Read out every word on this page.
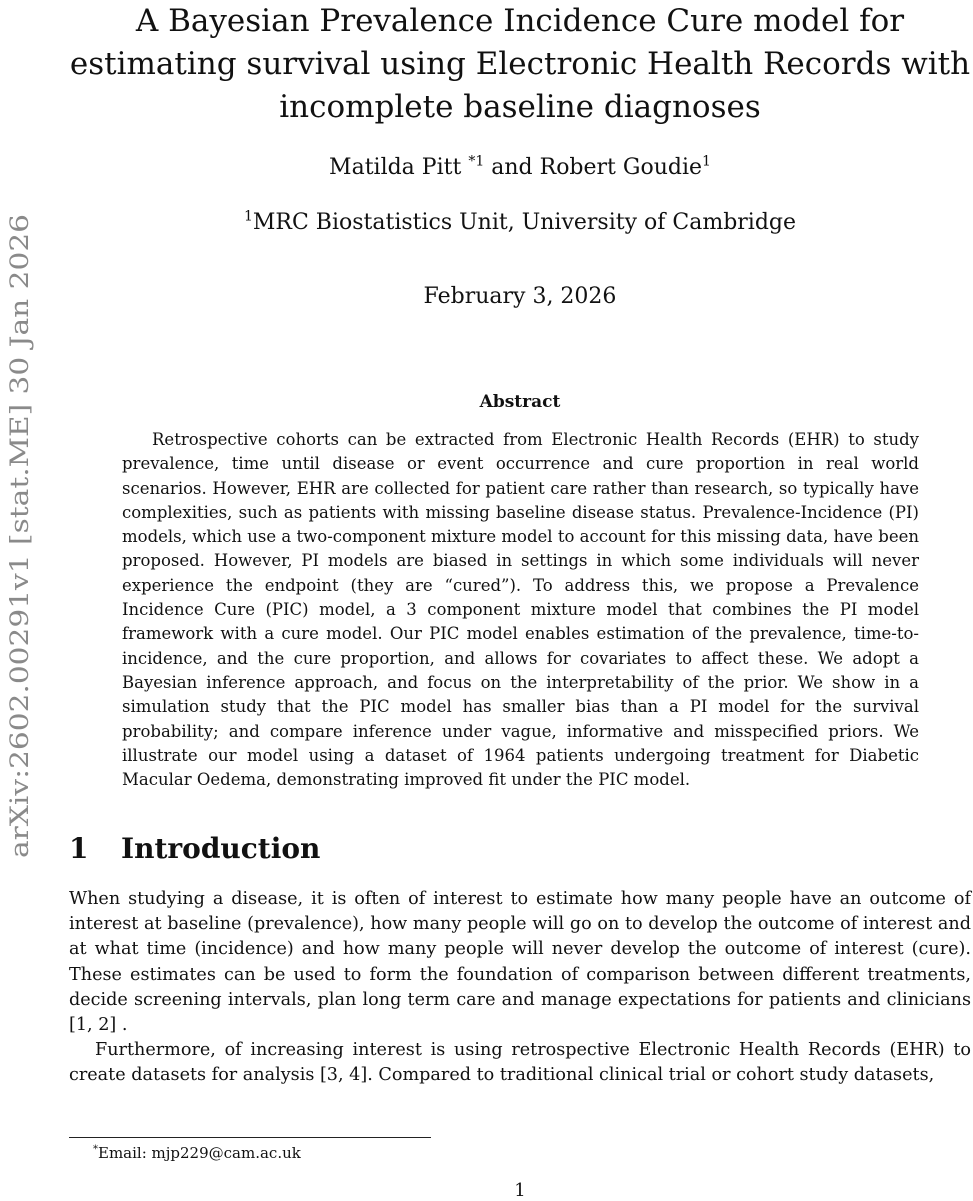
arXiv:2602.00291v1 [stat.ME] 30 Jan 2026
A Bayesian Prevalence Incidence Cure model for estimating survival using Electronic Health Records with incomplete baseline diagnoses
Matilda Pitt $^{*1}$ and Robert Goudie$^1$
$^1$MRC Biostatistics Unit, University of Cambridge
February 3, 2026
Abstract

Retrospective cohorts can be extracted from Electronic Health Records (EHR) to study prevalence, time until disease or event occurrence and cure proportion in real world scenarios. However, EHR are collected for patient care rather than research, so typically have complexities, such as patients with missing baseline disease status. Prevalence-Incidence (PI) models, which use a two-component mixture model to account for this missing data, have been proposed. However, PI models are biased in settings in which some individuals will never experience the endpoint (they are “cured”). To address this, we propose a Prevalence Incidence Cure (PIC) model, a 3 component mixture model that combines the PI model framework with a cure model. Our PIC model enables estimation of the prevalence, time-to-incidence, and the cure proportion, and allows for covariates to affect these. We adopt a Bayesian inference approach, and focus on the interpretability of the prior. We show in a simulation study that the PIC model has smaller bias than a PI model for the survival probability; and compare inference under vague, informative and misspecified priors. We illustrate our model using a dataset of 1964 patients undergoing treatment for Diabetic Macular Oedema, demonstrating improved fit under the PIC model.

1 Introduction

When studying a disease, it is often of interest to estimate how many people have an outcome of interest at baseline (prevalence), how many people will go on to develop the outcome of interest and at what time (incidence) and how many people will never develop the outcome of interest (cure). These estimates can be used to form the foundation of comparison between different treatments, decide screening intervals, plan long term care and manage expectations for patients and clinicians [1, 2] .

Furthermore, of increasing interest is using retrospective Electronic Health Records (EHR) to create datasets for analysis [3, 4]. Compared to traditional clinical trial or cohort study datasets,

*Email: mjp229@cam.ac.uk
1
